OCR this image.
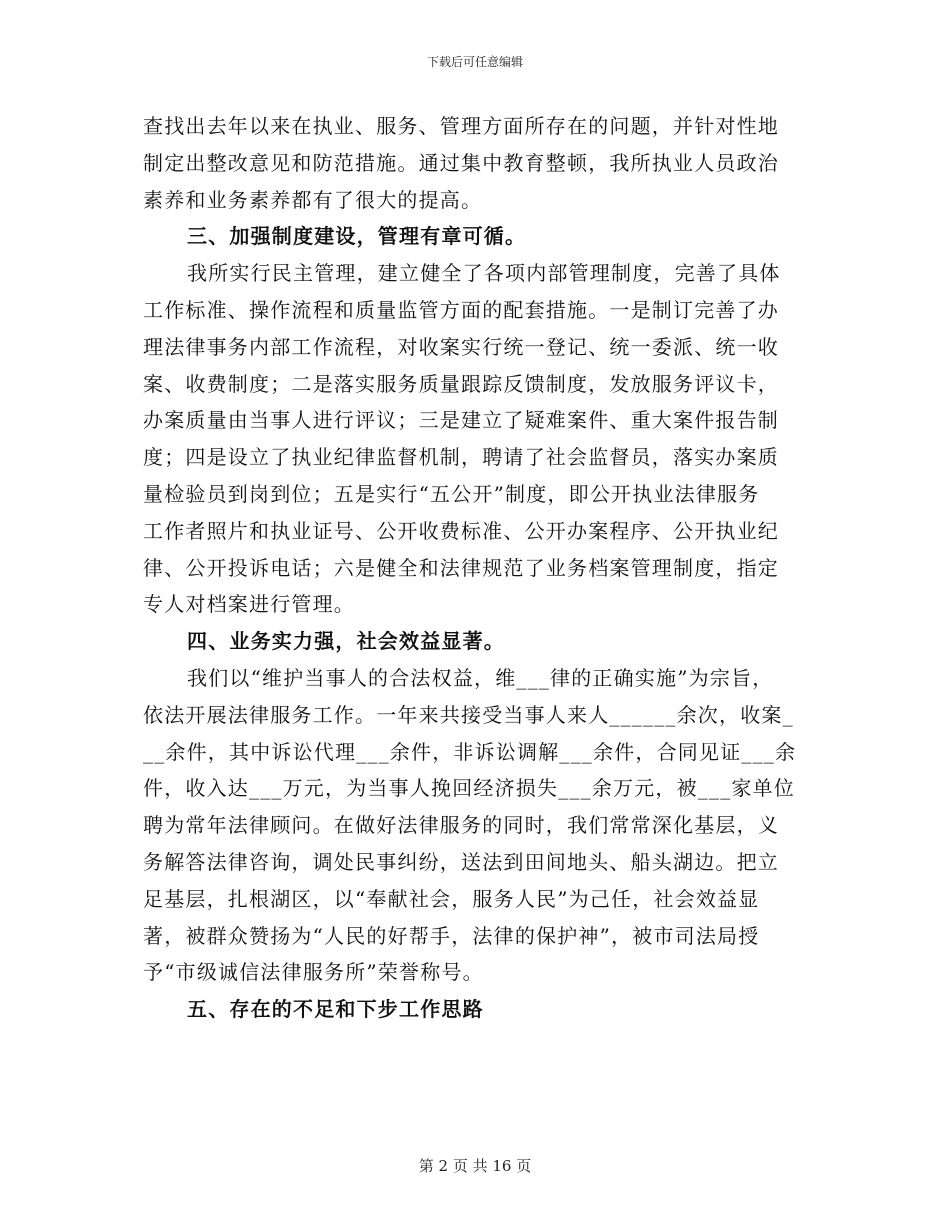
下载后可任意编辑
查找出去年以来在执业、服务、管理方面所存在的问题，并针对性地
制定出整改意见和防范措施。通过集中教育整顿，我所执业人员政治
素养和业务素养都有了很大的提高。
三、加强制度建设，管理有章可循。
我所实行民主管理，建立健全了各项内部管理制度，完善了具体
工作标准、操作流程和质量监管方面的配套措施。一是制订完善了办
理法律事务内部工作流程，对收案实行统一登记、统一委派、统一收
案、收费制度；二是落实服务质量跟踪反馈制度，发放服务评议卡，
办案质量由当事人进行评议；三是建立了疑难案件、重大案件报告制
度；四是设立了执业纪律监督机制，聘请了社会监督员，落实办案质
量检验员到岗到位；五是实行“五公开”制度，即公开执业法律服务
工作者照片和执业证号、公开收费标准、公开办案程序、公开执业纪
律、公开投诉电话；六是健全和法律规范了业务档案管理制度，指定
专人对档案进行管理。
四、业务实力强，社会效益显著。
我们以“维护当事人的合法权益，维___律的正确实施”为宗旨，
依法开展法律服务工作。一年来共接受当事人来人______余次，收案_
__余件，其中诉讼代理___余件，非诉讼调解___余件，合同见证___余
件，收入达___万元，为当事人挽回经济损失___余万元，被___家单位
聘为常年法律顾问。在做好法律服务的同时，我们常常深化基层，义
务解答法律咨询，调处民事纠纷，送法到田间地头、船头湖边。把立
足基层，扎根湖区，以“奉献社会，服务人民”为己任，社会效益显
著，被群众赞扬为“人民的好帮手，法律的保护神”，被市司法局授
予“市级诚信法律服务所”荣誉称号。
五、存在的不足和下步工作思路
第 2 页 共 16 页
